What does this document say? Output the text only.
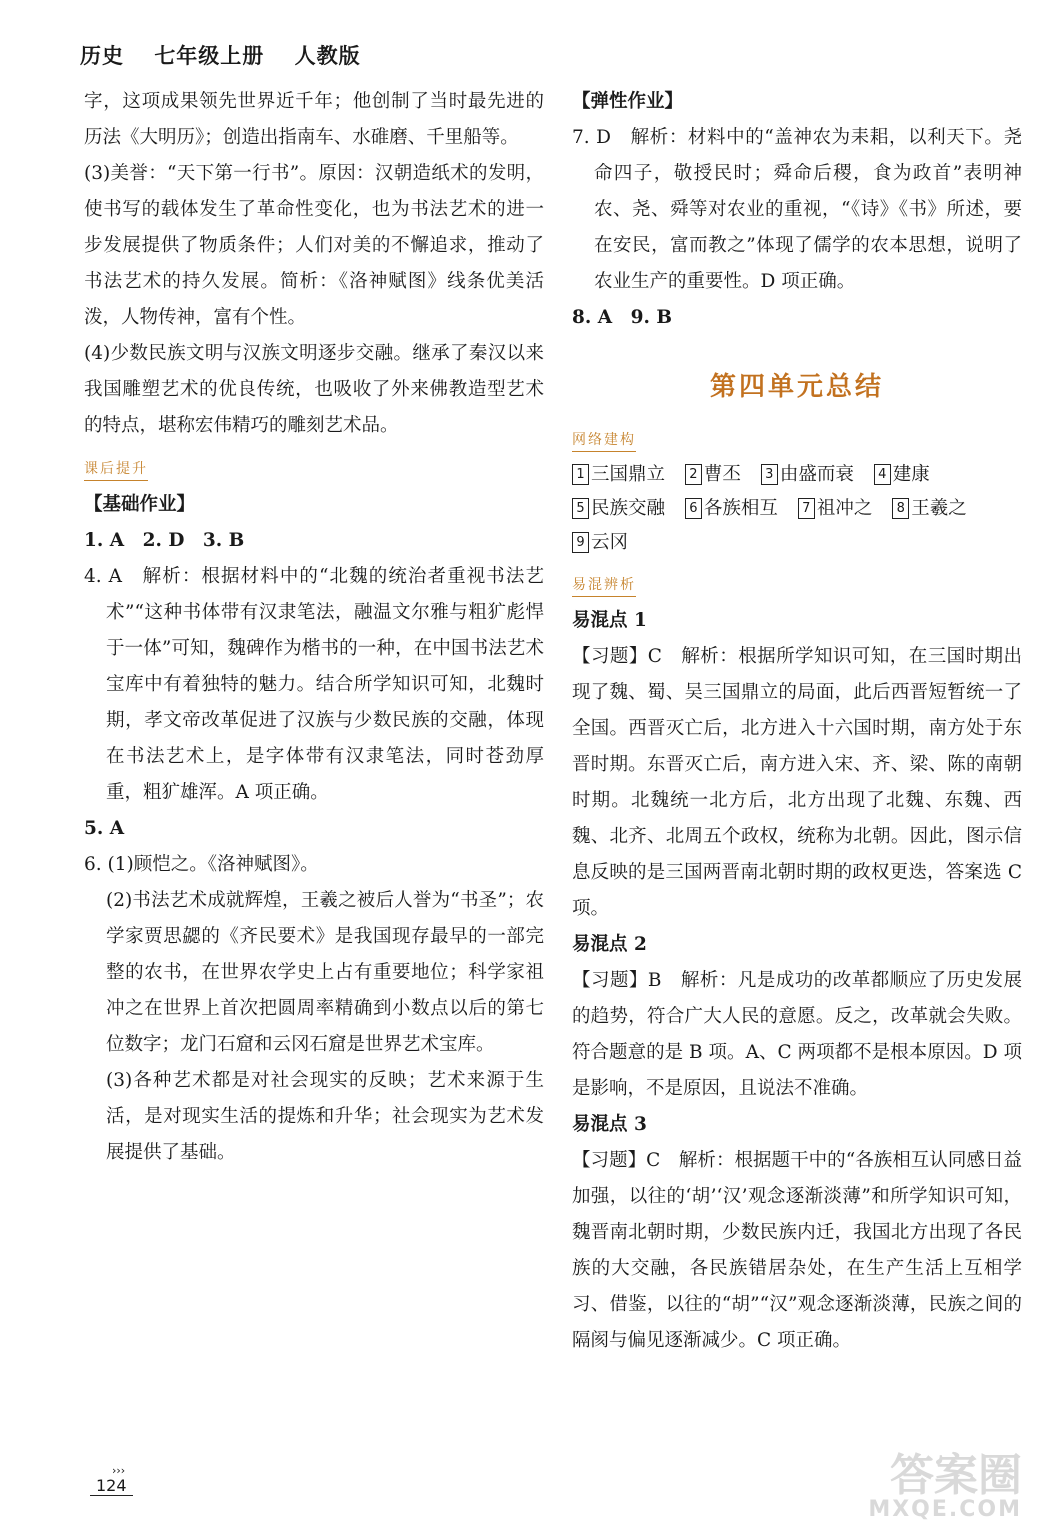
历史 七年级上册 人教版

字，这项成果领先世界近千年；他创制了当时最先进的历法《大明历》；创造出指南车、水碓磨、千里船等。

(3)美誉：“天下第一行书”。原因：汉朝造纸术的发明，使书写的载体发生了革命性变化，也为书法艺术的进一步发展提供了物质条件；人们对美的不懈追求，推动了书法艺术的持久发展。简析：《洛神赋图》线条优美活泼，人物传神，富有个性。

(4)少数民族文明与汉族文明逐步交融。继承了秦汉以来我国雕塑艺术的优良传统，也吸收了外来佛教造型艺术的特点，堪称宏伟精巧的雕刻艺术品。

课后提升

【基础作业】

1. A　2. D　3. B

4. A　解析：根据材料中的“北魏的统治者重视书法艺术”“这种书体带有汉隶笔法，融温文尔雅与粗犷彪悍于一体”可知，魏碑作为楷书的一种，在中国书法艺术宝库中有着独特的魅力。结合所学知识可知，北魏时期，孝文帝改革促进了汉族与少数民族的交融，体现在书法艺术上，是字体带有汉隶笔法，同时苍劲厚重，粗犷雄浑。A 项正确。

5. A

6. (1)顾恺之。《洛神赋图》。

(2)书法艺术成就辉煌，王羲之被后人誉为“书圣”；农学家贾思勰的《齐民要术》是我国现存最早的一部完整的农书，在世界农学史上占有重要地位；科学家祖冲之在世界上首次把圆周率精确到小数点以后的第七位数字；龙门石窟和云冈石窟是世界艺术宝库。

(3)各种艺术都是对社会现实的反映；艺术来源于生活，是对现实生活的提炼和升华；社会现实为艺术发展提供了基础。

【弹性作业】

7. D　解析：材料中的“盖神农为耒耜，以利天下。尧命四子，敬授民时；舜命后稷，食为政首”表明神农、尧、舜等对农业的重视，“《诗》《书》所述，要在安民，富而教之”体现了儒学的农本思想，说明了农业生产的重要性。D 项正确。

8. A　9. B

第四单元总结
网络建构

1 三国鼎立 2 曹丕 3 由盛而衰 4 建康 5 民族交融 6 各族相互 7 祖冲之 8 王羲之 9 云冈

易混辨析

易混点 1

【习题】C　解析：根据所学知识可知，在三国时期出现了魏、蜀、吴三国鼎立的局面，此后西晋短暂统一了全国。西晋灭亡后，北方进入十六国时期，南方处于东晋时期。东晋灭亡后，南方进入宋、齐、梁、陈的南朝时期。北魏统一北方后，北方出现了北魏、东魏、西魏、北齐、北周五个政权，统称为北朝。因此，图示信息反映的是三国两晋南北朝时期的政权更迭，答案选 C 项。

易混点 2

【习题】B　解析：凡是成功的改革都顺应了历史发展的趋势，符合广大人民的意愿。反之，改革就会失败。符合题意的是 B 项。A、C 两项都不是根本原因。D 项是影响，不是原因，且说法不准确。

易混点 3

【习题】C　解析：根据题干中的“各族相互认同感日益加强，以往的‘胡’‘汉’观念逐渐淡薄”和所学知识可知，魏晋南北朝时期，少数民族内迁，我国北方出现了各民族的大交融，各民族错居杂处，在生产生活上互相学习、借鉴，以往的“胡”“汉”观念逐渐淡薄，民族之间的隔阂与偏见逐渐减少。C 项正确。

›››
124	答案圈
MXQE.COM
